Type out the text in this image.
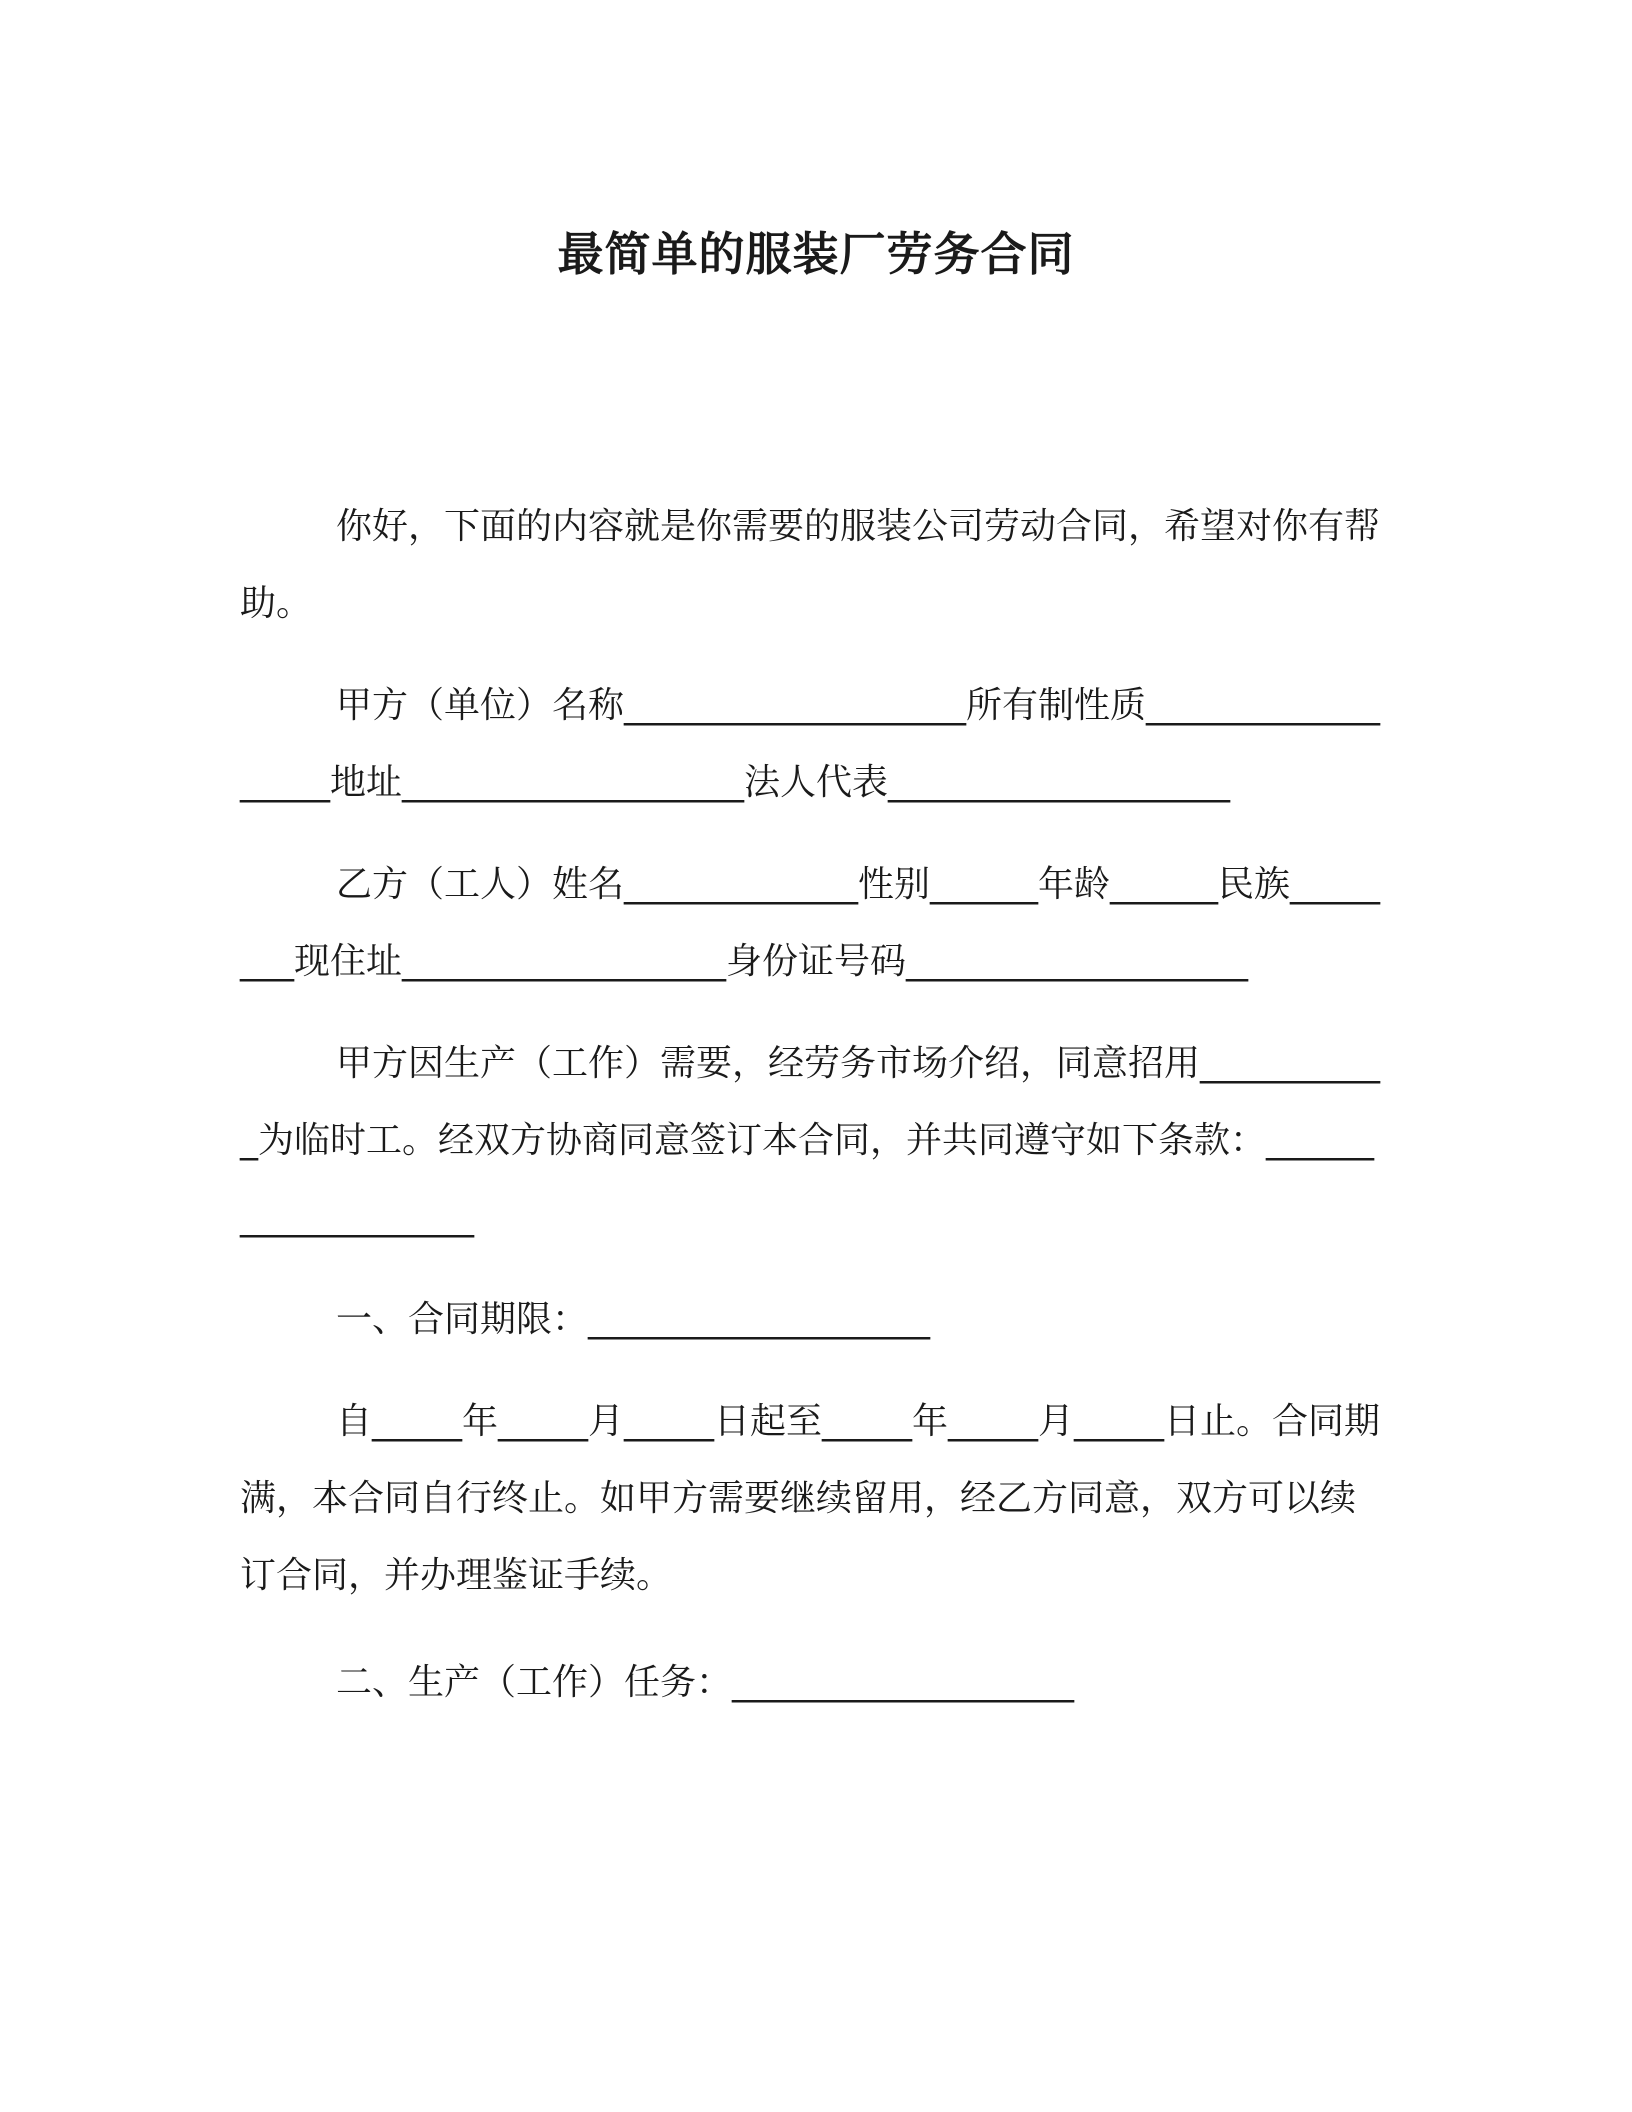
最简单的服装厂劳务合同

你好，下面的内容就是你需要的服装公司劳动合同，希望对你有帮助。

甲方（单位）名称___________________所有制性质__________________地址___________________法人代表___________________

乙方（工人）姓名_____________性别______年龄______民族________现住址__________________身份证号码___________________

甲方因生产（工作）需要，经劳务市场介绍，同意招用___________为临时工。经双方协商同意签订本合同，并共同遵守如下条款：___________________

一、合同期限：___________________

自_____年_____月_____日起至_____年_____月_____日止。合同期满，本合同自行终止。如甲方需要继续留用，经乙方同意，双方可以续订合同，并办理鉴证手续。

二、生产（工作）任务：___________________
